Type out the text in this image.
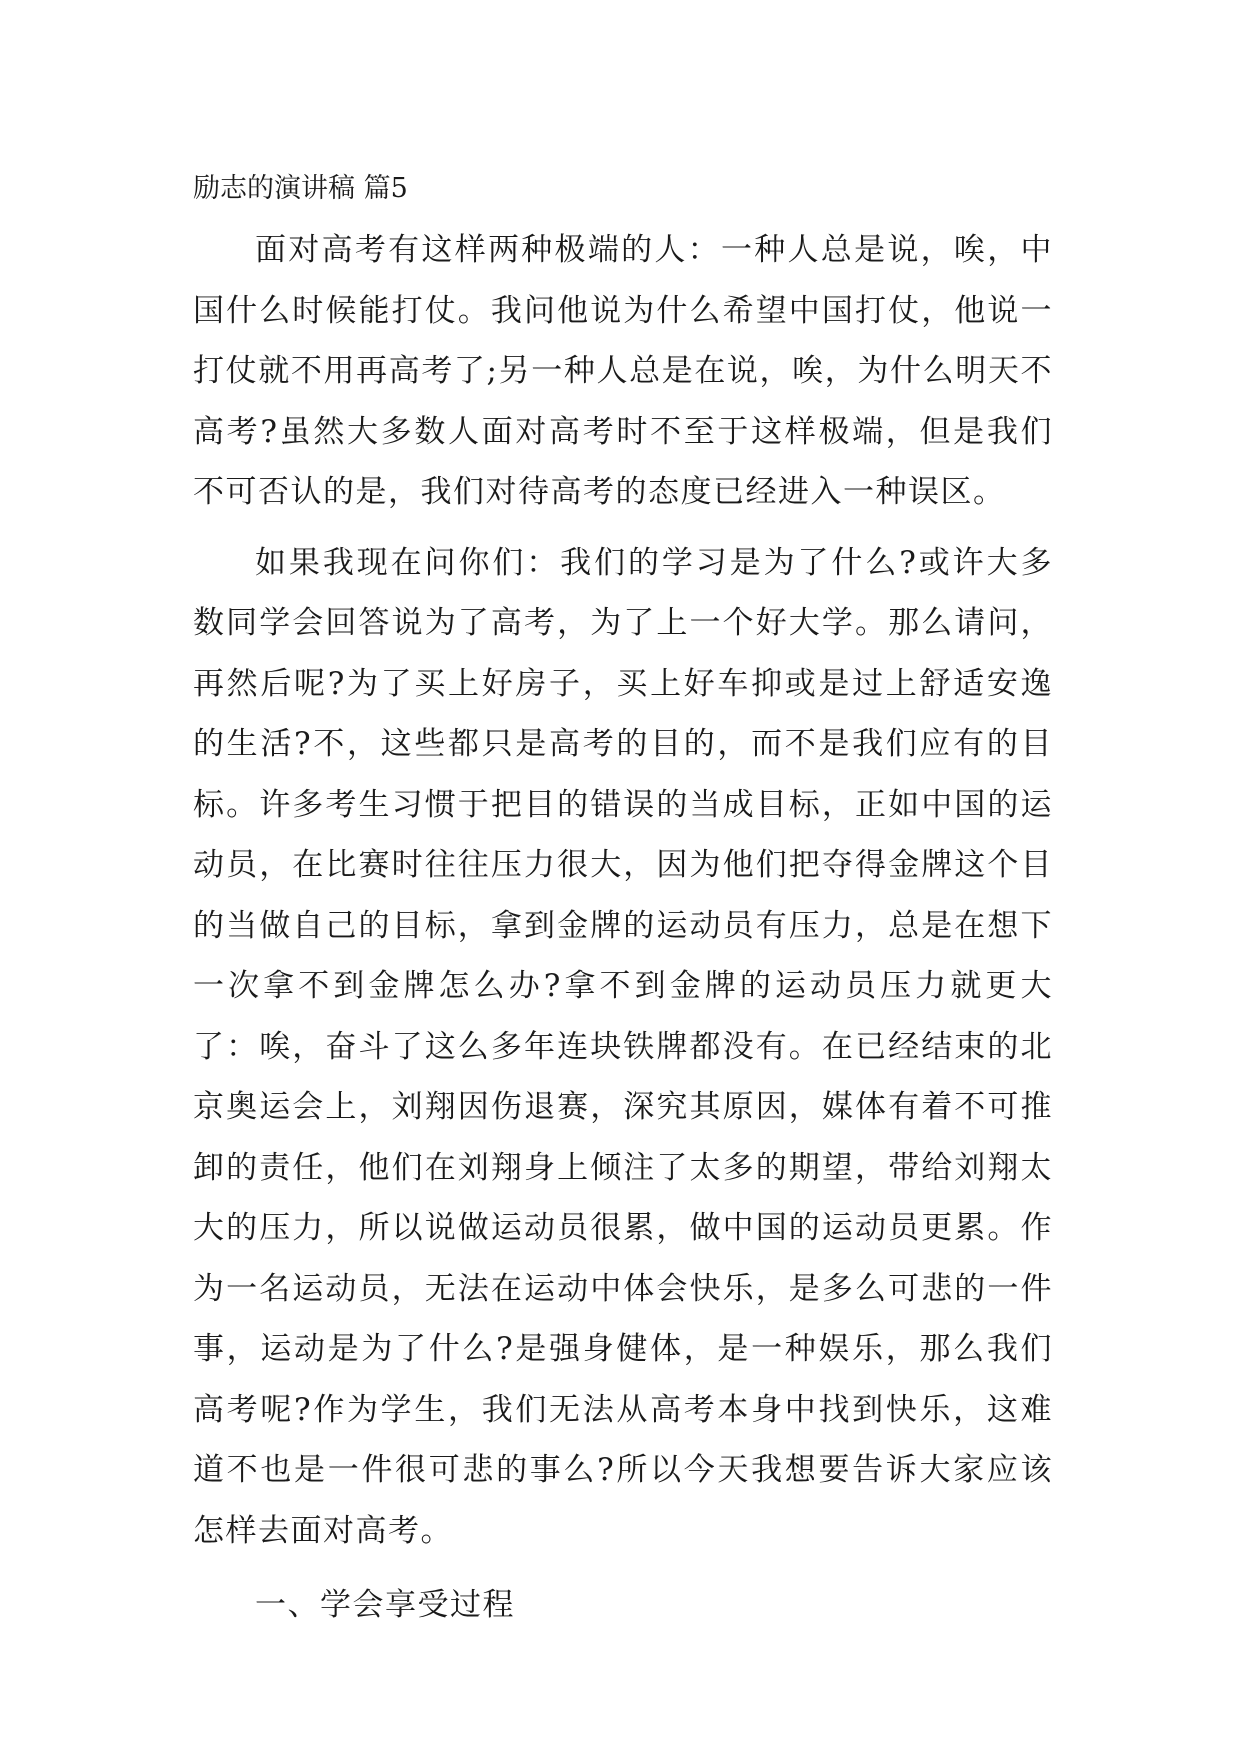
励志的演讲稿 篇5

面对高考有这样两种极端的人：一种人总是说，唉，中国什么时候能打仗。我问他说为什么希望中国打仗，他说一打仗就不用再高考了;另一种人总是在说，唉，为什么明天不高考?虽然大多数人面对高考时不至于这样极端，但是我们不可否认的是，我们对待高考的态度已经进入一种误区。

如果我现在问你们：我们的学习是为了什么?或许大多数同学会回答说为了高考，为了上一个好大学。那么请问，再然后呢?为了买上好房子，买上好车抑或是过上舒适安逸的生活?不，这些都只是高考的目的，而不是我们应有的目标。许多考生习惯于把目的错误的当成目标，正如中国的运动员，在比赛时往往压力很大，因为他们把夺得金牌这个目的当做自己的目标，拿到金牌的运动员有压力，总是在想下一次拿不到金牌怎么办?拿不到金牌的运动员压力就更大了：唉，奋斗了这么多年连块铁牌都没有。在已经结束的北京奥运会上，刘翔因伤退赛，深究其原因，媒体有着不可推卸的责任，他们在刘翔身上倾注了太多的期望，带给刘翔太大的压力，所以说做运动员很累，做中国的运动员更累。作为一名运动员，无法在运动中体会快乐，是多么可悲的一件事，运动是为了什么?是强身健体，是一种娱乐，那么我们高考呢?作为学生，我们无法从高考本身中找到快乐，这难道不也是一件很可悲的事么?所以今天我想要告诉大家应该怎样去面对高考。

一、学会享受过程
